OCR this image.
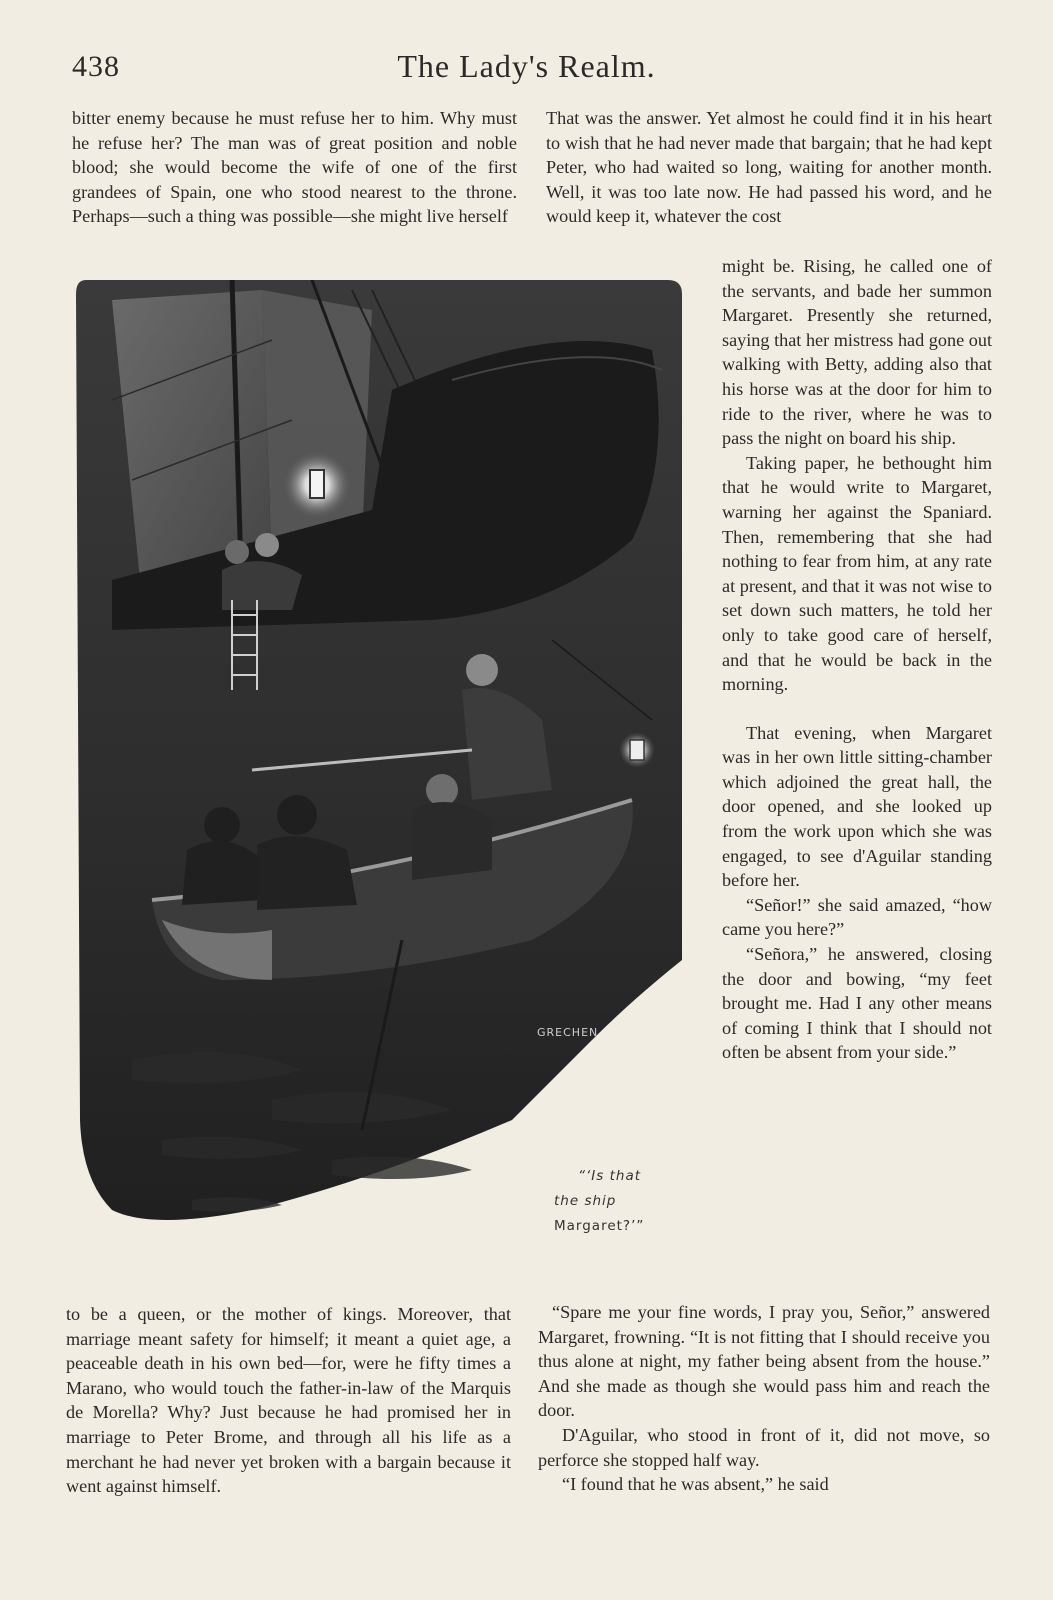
438	The Lady's Realm.

bitter enemy because he must refuse her to him. Why must he refuse her? The man was of great position and noble blood; she would become the wife of one of the first grandees of Spain, one who stood nearest to the throne. Perhaps—such a thing was possible—she might live herself

That was the answer. Yet almost he could find it in his heart to wish that he had never made that bargain; that he had kept Peter, who had waited so long, waiting for another month. Well, it was too late now. He had passed his word, and he would keep it, whatever the cost

might be. Rising, he called one of the servants, and bade her summon Margaret. Presently she returned, saying that her mistress had gone out walking with Betty, adding also that his horse was at the door for him to ride to the river, where he was to pass the night on board his ship.

Taking paper, he bethought him that he would write to Margaret, warning her against the Spaniard. Then, remembering that she had nothing to fear from him, at any rate at present, and that it was not wise to set down such matters, he told her only to take good care of herself, and that he would be back in the morning.

That evening, when Margaret was in her own little sitting-chamber which adjoined the great hall, the door opened, and she looked up from the work upon which she was engaged, to see d'Aguilar standing before her.

“Señor!” she said amazed, “how came you here?”

“Señora,” he answered, closing the door and bowing, “my feet brought me. Had I any other means of coming I think that I should not often be absent from your side.”

GRECHEN
“‘Is that
the ship
Margaret?’”

to be a queen, or the mother of kings. Moreover, that marriage meant safety for himself; it meant a quiet age, a peaceable death in his own bed—for, were he fifty times a Marano, who would touch the father-in-law of the Marquis de Morella? Why? Just because he had promised her in marriage to Peter Brome, and through all his life as a merchant he had never yet broken with a bargain because it went against himself.

“Spare me your fine words, I pray you, Señor,” answered Margaret, frowning. “It is not fitting that I should receive you thus alone at night, my father being absent from the house.” And she made as though she would pass him and reach the door.

D'Aguilar, who stood in front of it, did not move, so perforce she stopped half way.

“I found that he was absent,” he said
